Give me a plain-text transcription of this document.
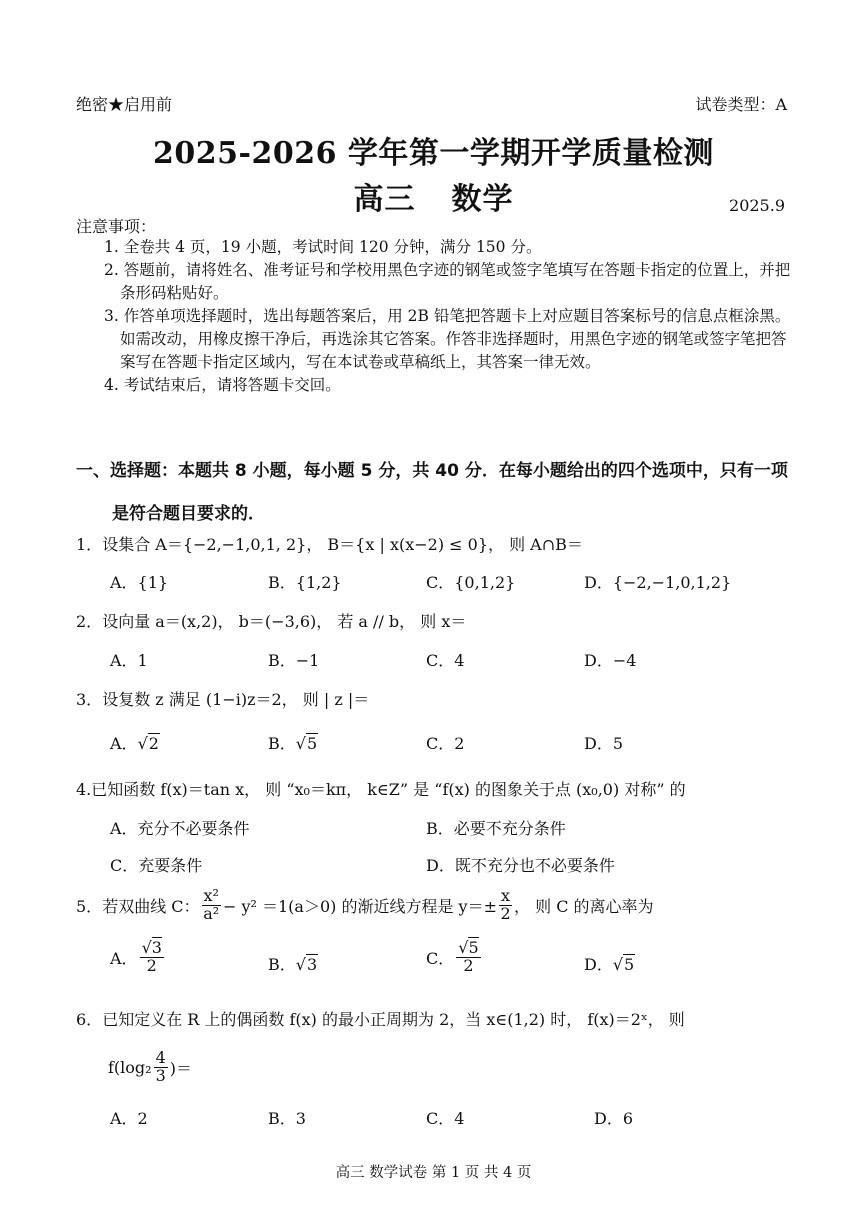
绝密★启用前	试卷类型：A
2025-2026 学年第一学期开学质量检测
高三 数学	2025.9
注意事项：

1. 全卷共 4 页，19 小题，考试时间 120 分钟，满分 150 分。

2. 答题前，请将姓名、准考证号和学校用黑色字迹的钢笔或签字笔填写在答题卡指定的位置上，并把条形码粘贴好。

3. 作答单项选择题时，选出每题答案后，用 2B 铅笔把答题卡上对应题目答案标号的信息点框涂黑。如需改动，用橡皮擦干净后，再选涂其它答案。作答非选择题时，用黑色字迹的钢笔或签字笔把答案写在答题卡指定区域内，写在本试卷或草稿纸上，其答案一律无效。

4. 考试结束后，请将答题卡交回。

一、选择题：本题共 8 小题，每小题 5 分，共 40 分．在每小题给出的四个选项中，只有一项
是符合题目要求的．
1．设集合 A＝{−2,−1,0,1, 2}， B＝{x | x(x−2) ≤ 0}， 则 A∩B＝
A．{1}	B．{1,2}	C．{0,1,2}	D．{−2,−1,0,1,2}
2．设向量 a＝(x,2)， b＝(−3,6)， 若 a // b， 则 x＝
A．1	B．−1	C．4	D．−4
3．设复数 z 满足 (1−i)z＝2， 则 | z |＝
A．√2	B．√5	C．2	D．5
4.已知函数 f(x)＝tan x， 则 “x₀＝kπ， k∈Z” 是 “f(x) 的图象关于点 (x₀,0) 对称” 的
A．充分不必要条件	B．必要不充分条件
C．充要条件	D．既不充分也不必要条件
5． 若双曲线 C： $\frac{\text{x²}}{\text{a²}} - y^2 =1(a>0)$ 的渐近线方程是 $y=\pm \frac{x}{2}$ ， 则 C 的离心率为
A． $\frac{√3}{2}$	B．√3	C． $\frac{√5}{2}$	D．√5
6．已知定义在 R 上的偶函数 f(x) 的最小正周期为 2，当 x∈(1,2) 时， f(x)＝2ˣ， 则
$f(\log_2 \frac{4}{3}$ )＝
A．2	B．3	C．4	D．6
高三 数学试卷 第 1 页 共 4 页
